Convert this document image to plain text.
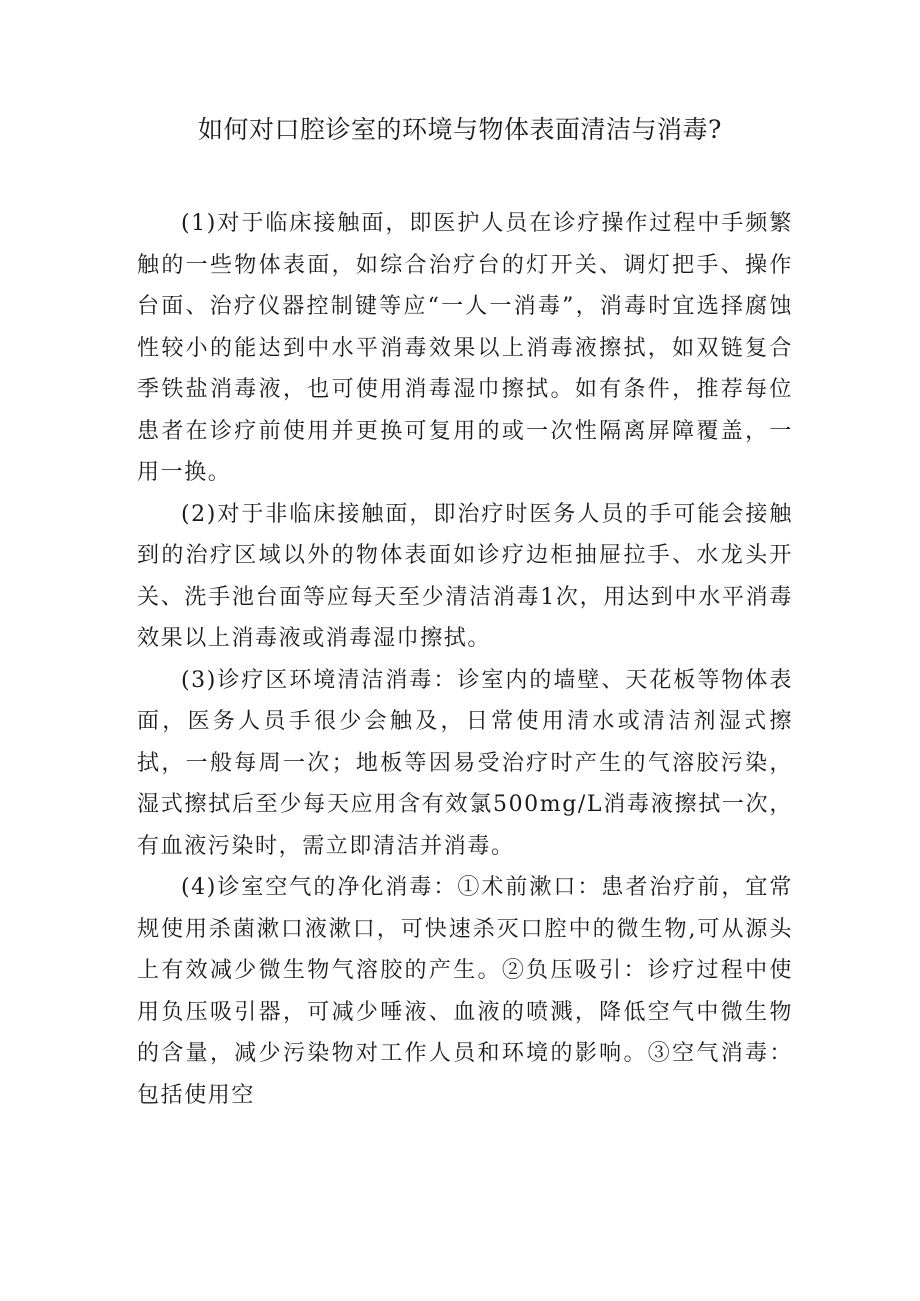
如何对口腔诊室的环境与物体表面清洁与消毒?

(1)对于临床接触面，即医护人员在诊疗操作过程中手频繁触的一些物体表面，如综合治疗台的灯开关、调灯把手、操作台面、治疗仪器控制键等应“一人一消毒”，消毒时宜选择腐蚀性较小的能达到中水平消毒效果以上消毒液擦拭，如双链复合季铁盐消毒液，也可使用消毒湿巾擦拭。如有条件，推荐每位患者在诊疗前使用并更换可复用的或一次性隔离屏障覆盖，一用一换。

(2)对于非临床接触面，即治疗时医务人员的手可能会接触到的治疗区域以外的物体表面如诊疗边柜抽屉拉手、水龙头开关、洗手池台面等应每天至少清洁消毒1次，用达到中水平消毒效果以上消毒液或消毒湿巾擦拭。

(3)诊疗区环境清洁消毒：诊室内的墙壁、天花板等物体表面，医务人员手很少会触及，日常使用清水或清洁剂湿式擦拭，一般每周一次；地板等因易受治疗时产生的气溶胶污染，湿式擦拭后至少每天应用含有效氯500mg/L消毒液擦拭一次，有血液污染时，需立即清洁并消毒。

(4)诊室空气的净化消毒：①术前漱口：患者治疗前，宜常规使用杀菌漱口液漱口，可快速杀灭口腔中的微生物,可从源头上有效减少微生物气溶胶的产生。②负压吸引：诊疗过程中使用负压吸引器，可减少唾液、血液的喷溅，降低空气中微生物的含量，减少污染物对工作人员和环境的影响。③空气消毒：包括使用空
